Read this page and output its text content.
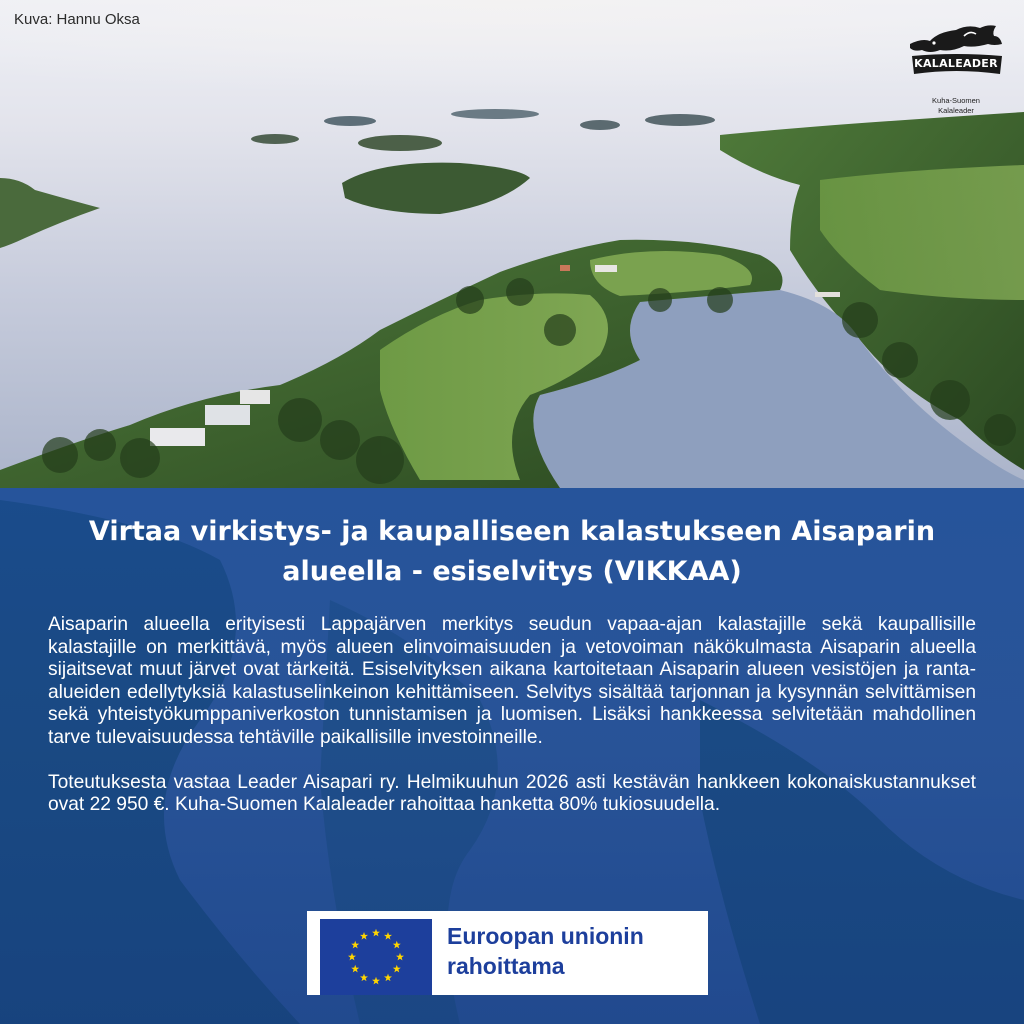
Kuva: Hannu Oksa
KALALEADER
Kuha-Suomen
Kalaleader
Virtaa virkistys- ja kaupalliseen kalastukseen Aisaparin alueella - esiselvitys (VIKKAA)

Aisaparin alueella erityisesti Lappajärven merkitys seudun vapaa-ajan kalastajille sekä kaupallisille kalastajille on merkittävä, myös alueen elinvoimaisuuden ja vetovoiman näkökulmasta Aisaparin alueella sijaitsevat muut järvet ovat tärkeitä. Esiselvityksen aikana kartoitetaan Aisaparin alueen vesistöjen ja ranta-alueiden edellytyksiä kalastuselinkeinon kehittämiseen. Selvitys sisältää tarjonnan ja kysynnän selvittämisen sekä yhteistyökumppaniverkoston tunnistamisen ja luomisen. Lisäksi hankkeessa selvitetään mahdollinen tarve tulevaisuudessa tehtäville paikallisille investoinneille.

Toteutuksesta vastaa Leader Aisapari ry. Helmikuuhun 2026 asti kestävän hankkeen kokonaiskustannukset ovat 22 950 €. Kuha-Suomen Kalaleader rahoittaa hanketta 80% tukiosuudella.

Euroopan unionin
rahoittama
